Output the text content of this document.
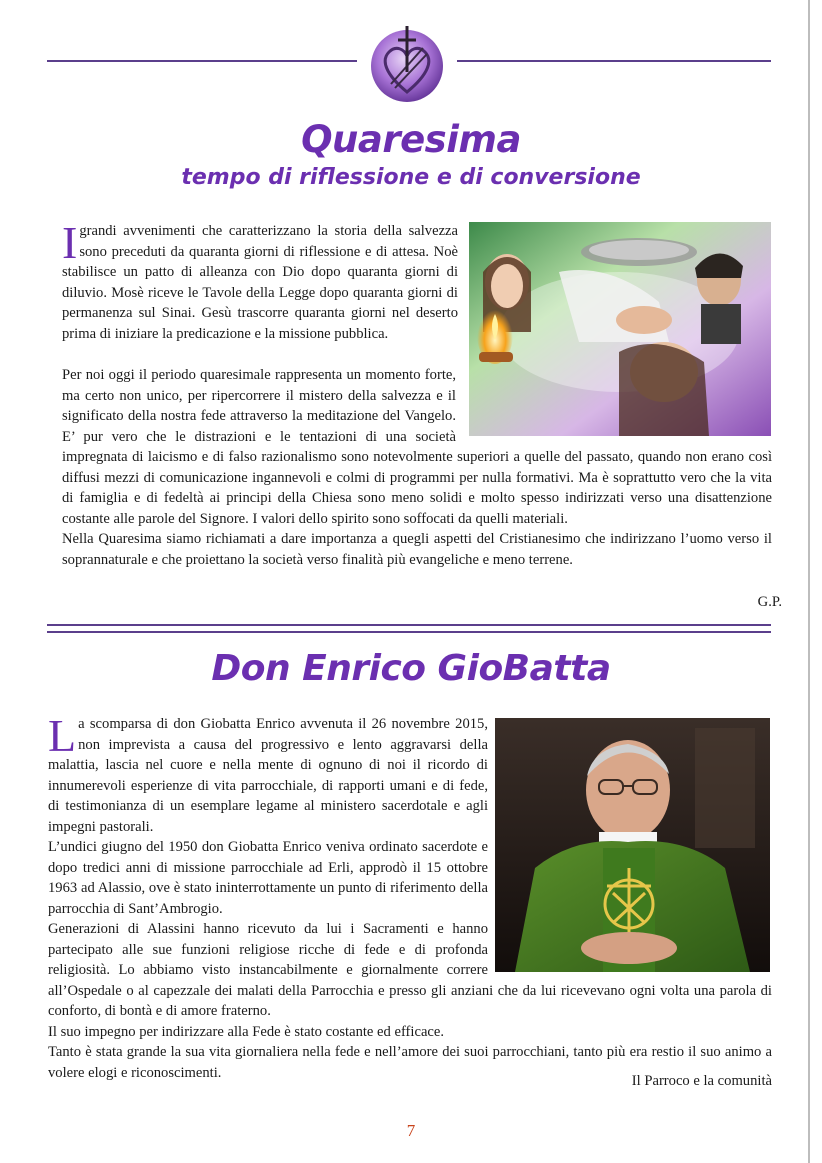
Quaresima
tempo di riflessione e di conversione

Igrandi avvenimenti che caratterizzano la storia della salvezza sono preceduti da quaranta giorni di riflessione e di attesa. Noè stabilisce un patto di alleanza con Dio dopo quaranta giorni di diluvio. Mosè riceve le Tavole della Legge dopo quaranta giorni di permanenza sul Sinai. Gesù trascorre quaranta giorni nel deserto prima di iniziare la predicazione e la missione pubblica.

Per noi oggi il periodo quaresimale rappresenta un momento forte, ma certo non unico, per ripercorrere il mistero della salvezza e il significato della nostra fede attraverso la meditazione del Vangelo. E’ pur vero che le distrazioni e le tentazioni di una società impregnata di laicismo e di falso razionalismo sono notevolmente superiori a quelle del passato, quando non erano così diffusi mezzi di comunicazione ingannevoli e colmi di programmi per nulla formativi. Ma è soprattutto vero che la vita di famiglia e di fedeltà ai principi della Chiesa sono meno solidi e molto spesso indirizzati verso una disattenzione costante alle parole del Signore. I valori dello spirito sono soffocati da quelli materiali.

Nella Quaresima siamo richiamati a dare importanza a quegli aspetti del Cristianesimo che indirizzano l’uomo verso il soprannaturale e che proiettano la società verso finalità più evangeliche e meno terrene.

G.P.
Don Enrico GioBatta

La scomparsa di don Giobatta Enrico avvenuta il 26 novembre 2015, non imprevista a causa del progressivo e lento aggravarsi della malattia, lascia nel cuore e nella mente di ognuno di noi il ricordo di innumerevoli esperienze di vita parrocchiale, di rapporti umani e di fede, di testimonianza di un esemplare legame al ministero sacerdotale e agli impegni pastorali.

L’undici giugno del 1950 don Giobatta Enrico veniva ordinato sacerdote e dopo tredici anni di missione parrocchiale ad Erli, approdò il 15 ottobre 1963 ad Alassio, ove è stato ininterrottamente un punto di riferimento della parrocchia di Sant’Ambrogio.

Generazioni di Alassini hanno ricevuto da lui i Sacramenti e hanno partecipato alle sue funzioni religiose ricche di fede e di profonda religiosità. Lo abbiamo visto instancabilmente e giornalmente correre all’Ospedale o al capezzale dei malati della Parrocchia e presso gli anziani che da lui ricevevano ogni volta una parola di conforto, di bontà e di amore fraterno.

Il suo impegno per indirizzare alla Fede è stato costante ed efficace.

Tanto è stata grande la sua vita giornaliera nella fede e nell’amore dei suoi parrocchiani, tanto più era restio il suo animo a volere elogi e riconoscimenti.

Il Parroco e la comunità
7
